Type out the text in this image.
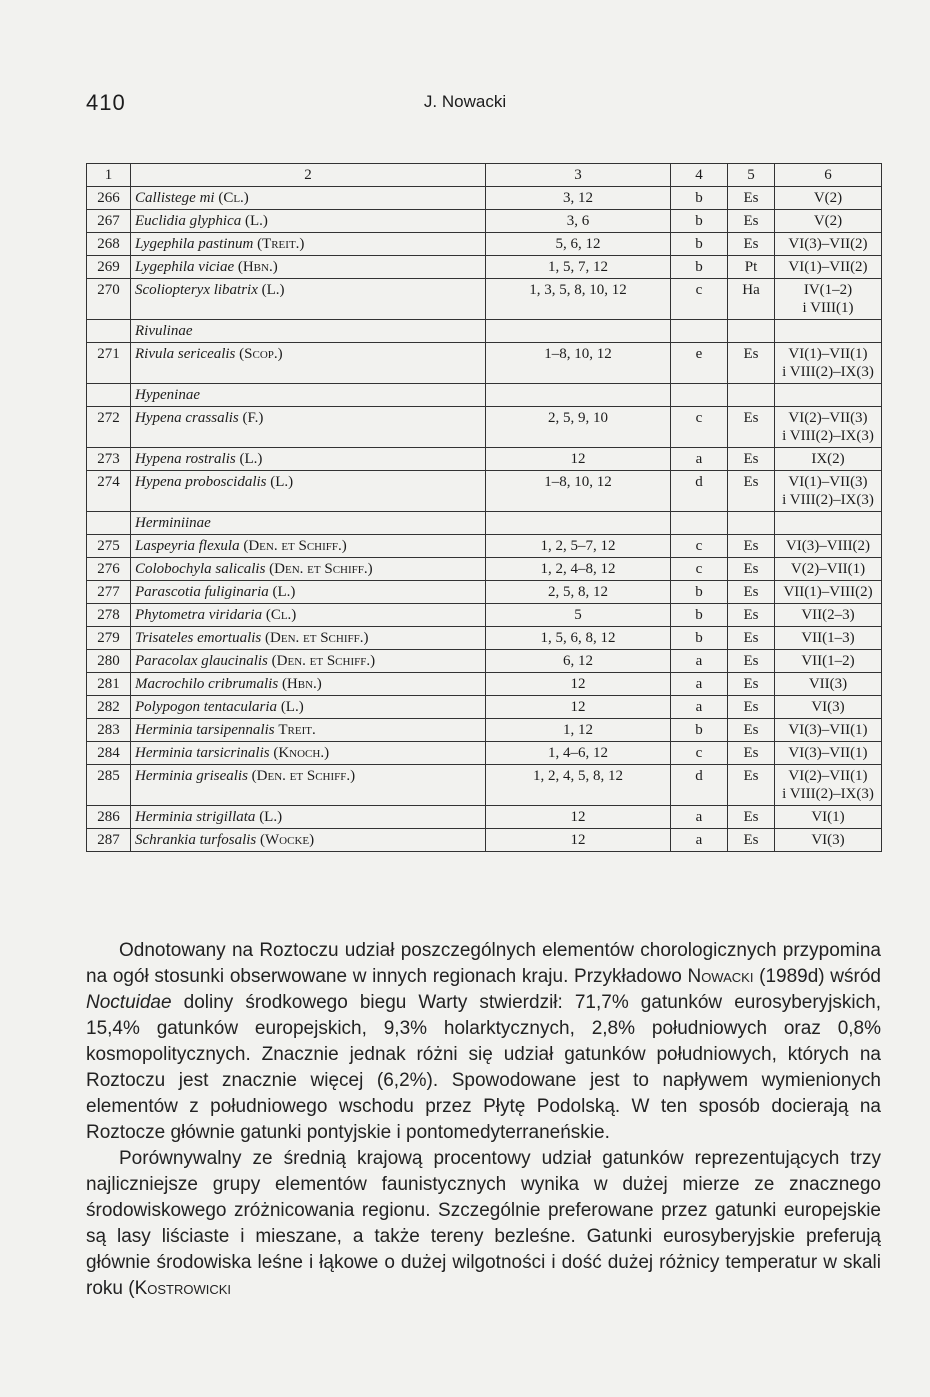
410	J. Nowacki
1	2	3	4	5	6
266	Callistege mi (Cl.)	3, 12	b	Es	V(2)
267	Euclidia glyphica (L.)	3, 6	b	Es	V(2)
268	Lygephila pastinum (Treit.)	5, 6, 12	b	Es	VI(3)–VII(2)
269	Lygephila viciae (Hbn.)	1, 5, 7, 12	b	Pt	VI(1)–VII(2)
270	Scoliopteryx libatrix (L.)	1, 3, 5, 8, 10, 12	c	Ha	IV(1–2)
i VIII(1)
	Rivulinae				
271	Rivula sericealis (Scop.)	1–8, 10, 12	e	Es	VI(1)–VII(1)
i VIII(2)–IX(3)
	Hypeninae				
272	Hypena crassalis (F.)	2, 5, 9, 10	c	Es	VI(2)–VII(3)
i VIII(2)–IX(3)
273	Hypena rostralis (L.)	12	a	Es	IX(2)
274	Hypena proboscidalis (L.)	1–8, 10, 12	d	Es	VI(1)–VII(3)
i VIII(2)–IX(3)
	Herminiinae				
275	Laspeyria flexula (Den. et Schiff.)	1, 2, 5–7, 12	c	Es	VI(3)–VIII(2)
276	Colobochyla salicalis (Den. et Schiff.)	1, 2, 4–8, 12	c	Es	V(2)–VII(1)
277	Parascotia fuliginaria (L.)	2, 5, 8, 12	b	Es	VII(1)–VIII(2)
278	Phytometra viridaria (Cl.)	5	b	Es	VII(2–3)
279	Trisateles emortualis (Den. et Schiff.)	1, 5, 6, 8, 12	b	Es	VII(1–3)
280	Paracolax glaucinalis (Den. et Schiff.)	6, 12	a	Es	VII(1–2)
281	Macrochilo cribrumalis (Hbn.)	12	a	Es	VII(3)
282	Polypogon tentacularia (L.)	12	a	Es	VI(3)
283	Herminia tarsipennalis Treit.	1, 12	b	Es	VI(3)–VII(1)
284	Herminia tarsicrinalis (Knoch.)	1, 4–6, 12	c	Es	VI(3)–VII(1)
285	Herminia grisealis (Den. et Schiff.)	1, 2, 4, 5, 8, 12	d	Es	VI(2)–VII(1)
i VIII(2)–IX(3)
286	Herminia strigillata (L.)	12	a	Es	VI(1)
287	Schrankia turfosalis (Wocke)	12	a	Es	VI(3)

Odnotowany na Roztoczu udział poszczególnych elementów chorologicznych przypomina na ogół stosunki obserwowane w innych regionach kraju. Przykładowo Nowacki (1989d) wśród Noctuidae doliny środkowego biegu Warty stwierdził: 71,7% gatunków eurosyberyjskich, 15,4% gatunków europejskich, 9,3% holarktycznych, 2,8% południowych oraz 0,8% kosmopolitycznych. Znacznie jednak różni się udział gatunków południowych, których na Roztoczu jest znacznie więcej (6,2%). Spowodowane jest to napływem wymienionych elementów z południowego wschodu przez Płytę Podolską. W ten sposób docierają na Roztocze głównie gatunki pontyjskie i pontomedyterraneńskie.

Porównywalny ze średnią krajową procentowy udział gatunków reprezentujących trzy najliczniejsze grupy elementów faunistycznych wynika w dużej mierze ze znacznego środowiskowego zróżnicowania regionu. Szczególnie preferowane przez gatunki europejskie są lasy liściaste i mieszane, a także tereny bezleśne. Gatunki eurosyberyjskie preferują głównie środowiska leśne i łąkowe o dużej wilgotności i dość dużej różnicy temperatur w skali roku (Kostrowicki
